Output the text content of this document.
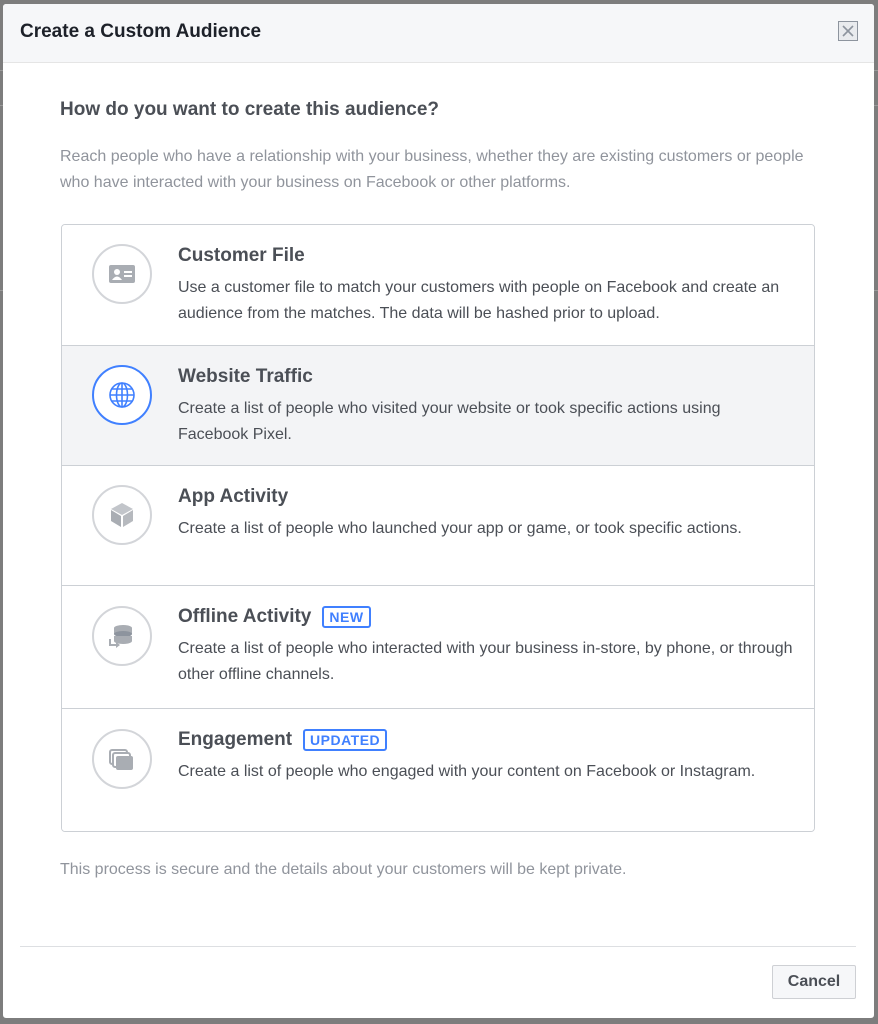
Create a Custom Audience
How do you want to create this audience?
Reach people who have a relationship with your business, whether they are existing customers or people who have interacted with your business on Facebook or other platforms.
Customer File
Use a customer file to match your customers with people on Facebook and create an audience from the matches. The data will be hashed prior to upload.
Website Traffic
Create a list of people who visited your website or took specific actions using Facebook Pixel.
App Activity
Create a list of people who launched your app or game, or took specific actions.
Offline Activity	NEW
Create a list of people who interacted with your business in-store, by phone, or through other offline channels.
Engagement	UPDATED
Create a list of people who engaged with your content on Facebook or Instagram.
This process is secure and the details about your customers will be kept private.
Cancel
